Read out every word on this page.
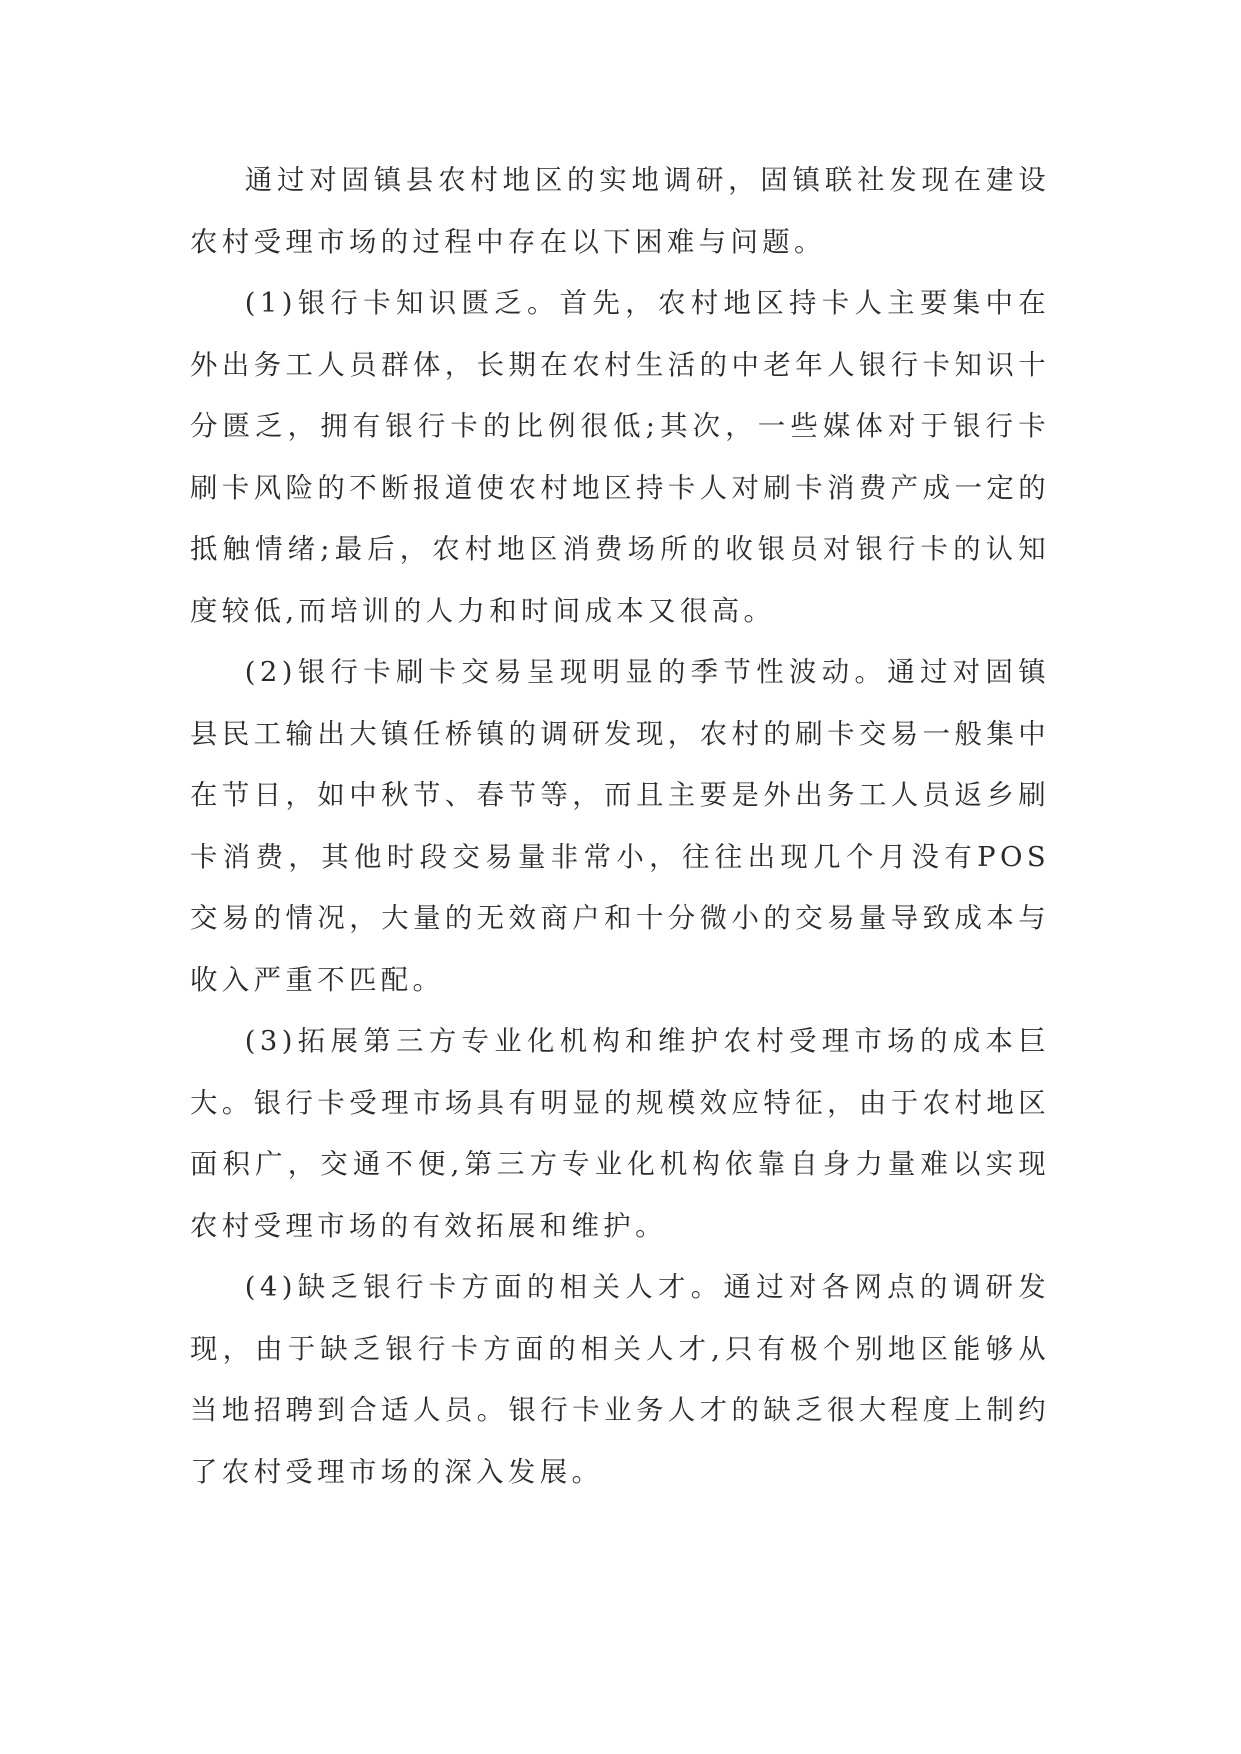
通过对固镇县农村地区的实地调研，固镇联社发现在建设农村受理市场的过程中存在以下困难与问题。

(1)银行卡知识匮乏。首先，农村地区持卡人主要集中在外出务工人员群体，长期在农村生活的中老年人银行卡知识十分匮乏，拥有银行卡的比例很低;其次，一些媒体对于银行卡刷卡风险的不断报道使农村地区持卡人对刷卡消费产成一定的抵触情绪;最后，农村地区消费场所的收银员对银行卡的认知度较低,而培训的人力和时间成本又很高。

(2)银行卡刷卡交易呈现明显的季节性波动。通过对固镇县民工输出大镇任桥镇的调研发现，农村的刷卡交易一般集中在节日，如中秋节、春节等，而且主要是外出务工人员返乡刷卡消费，其他时段交易量非常小，往往出现几个月没有POS交易的情况，大量的无效商户和十分微小的交易量导致成本与收入严重不匹配。

(3)拓展第三方专业化机构和维护农村受理市场的成本巨大。银行卡受理市场具有明显的规模效应特征，由于农村地区面积广，交通不便,第三方专业化机构依靠自身力量难以实现农村受理市场的有效拓展和维护。

(4)缺乏银行卡方面的相关人才。通过对各网点的调研发现，由于缺乏银行卡方面的相关人才,只有极个别地区能够从当地招聘到合适人员。银行卡业务人才的缺乏很大程度上制约了农村受理市场的深入发展。
